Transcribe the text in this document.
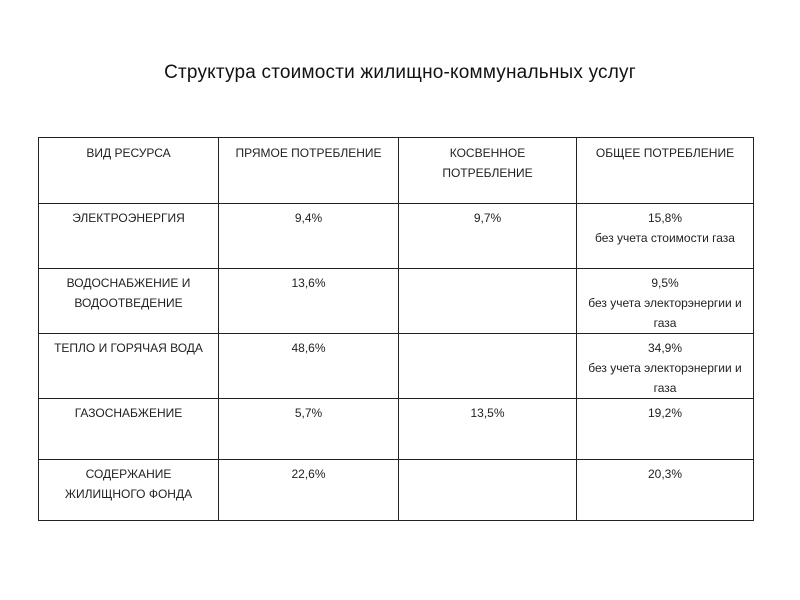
Структура стоимости жилищно-коммунальных услуг
ВИД РЕСУРСА	ПРЯМОЕ ПОТРЕБЛЕНИЕ	КОСВЕННОЕ ПОТРЕБЛЕНИЕ	ОБЩЕЕ ПОТРЕБЛЕНИЕ
ЭЛЕКТРОЭНЕРГИЯ	9,4%	9,7%	15,8%
без учета стоимости газа

ВОДОСНАБЖЕНИЕ И ВОДООТВЕДЕНИЕ	13,6%		9,5%
без учета электорэнергии и газа

ТЕПЛО И ГОРЯЧАЯ ВОДА	48,6%		34,9%
без учета электорэнергии и газа

ГАЗОСНАБЖЕНИЕ	5,7%	13,5%	19,2%

СОДЕРЖАНИЕ ЖИЛИЩНОГО ФОНДА	22,6%		20,3%
